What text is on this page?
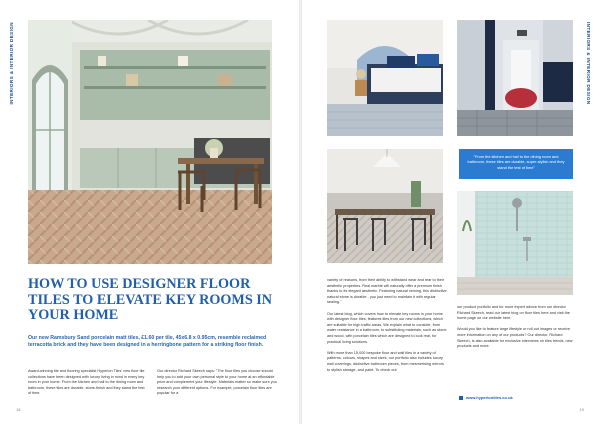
INTERIORS & INTERIOR DESIGN	INTERIORS & INTERIOR DESIGN
HOW TO USE DESIGNER FLOOR TILES TO ELEVATE KEY ROOMS IN YOUR HOME

Our new Ramsbury Sand porcelain matt tiles, £1.60 per tile, 45x6.8 x 0.95cm, resemble reclaimed terracotta brick and they have been designed in a herringbone pattern for a striking floor finish.

Award-winning tile and flooring specialist Hyperion Tiles' new floor tile collections have been designed with luxury living in mind in every key room in your home. From the kitchen and hall to the dining room and bathroom, these tiles are durable, stone-finish and they stand the test of time.

Our director Richard Skeech says: "The floor tiles you choose should help you to add your own personal style to your home at an affordable price and complement your lifestyle. Materials matter so make sure you research your different options. For example, porcelain floor tiles are popular for a

18
"From the kitchen and hall to the dining room and bathroom, these tiles are durable, super-stylish and they stand the test of time"

variety of reasons, from their ability to withstand wear and tear to their aesthetic properties. Real marble will naturally offer a premium finish thanks to its elegant aesthetic. Featuring natural veining, this distinctive natural stone is durable - you just need to maintain it with regular sealing."

Our latest blog, which covers how to elevate key rooms in your home with designer floor tiles, features tiles from our new collections, which are suitable for high traffic areas. We explain what to consider, from water resistance in a bathroom, to substituting materials, such as stone and wood, with porcelain tiles which are designed to look real, for practical living solutions.

With more than 15,000 bespoke floor and wall tiles in a variety of patterns, colours, shapes and sizes, our portfolio also includes luxury wall coverings, distinctive bathroom pieces, from mesmerising mirrors to stylish storage, and paint. To check out

our product portfolio and for more expert advice from our director Richard Skeech, read our latest blog on floor tiles here and visit the home page on our website here.

Would you like to feature large lifestyle or roll-out images or receive more information on any of our products? Our director, Richard Skeech, is also available for exclusive interviews on tiles trends, new products and more.

www.hyperiontiles.co.uk
19
